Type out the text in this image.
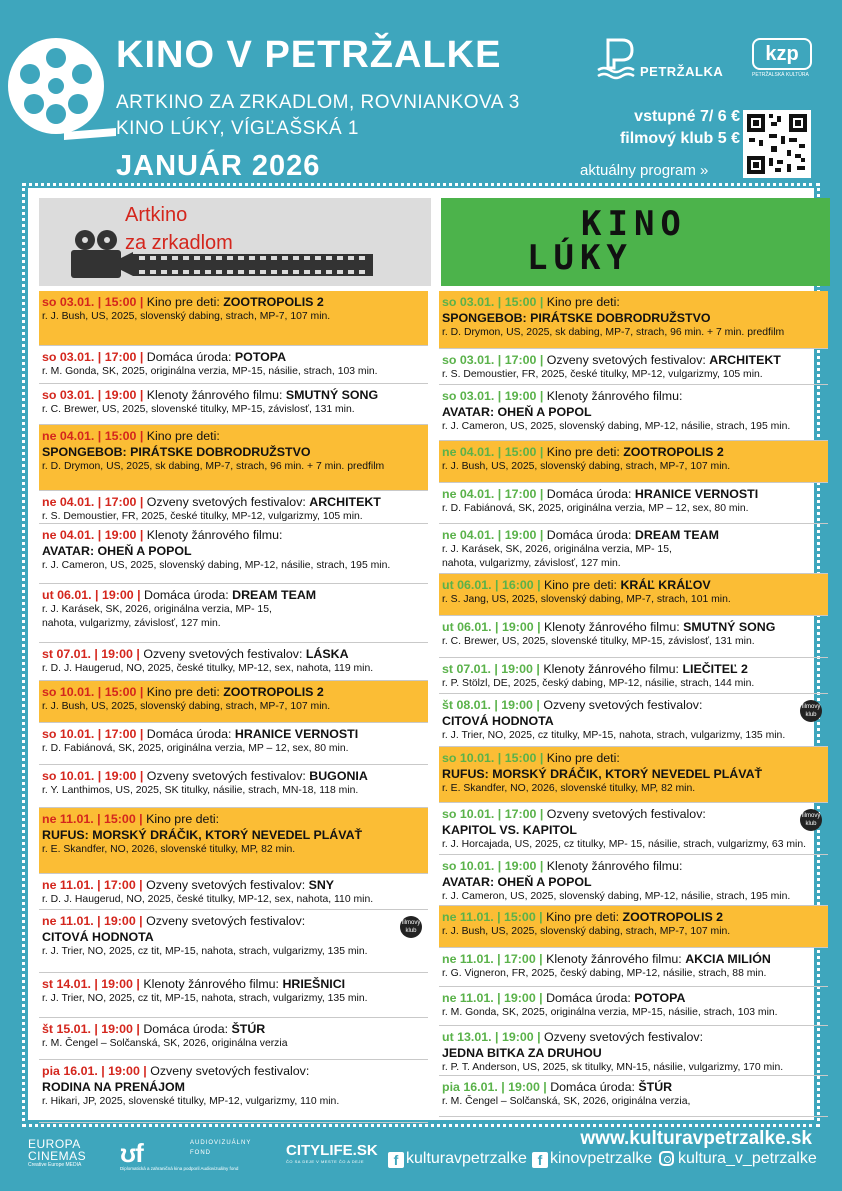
KINO V PETRŽALKE
ARTKINO ZA ZRKADLOM, ROVNIANKOVA 3
KINO LÚKY, VÍGĽAŠSKÁ 1
JANUÁR 2026
PETRŽALKA
kzp
PETRŽALSKÁ KULTÚRA
vstupné 7/ 6 €
filmový klub 5 €
aktuálny program »
Artkino
za zrkadlom
so 03.01. | 15:00 | Kino pre deti: ZOOTROPOLIS 2
r. J. Bush, US, 2025, slovenský dabing, strach, MP-7, 107 min.
so 03.01. | 17:00 | Domáca úroda: POTOPA
r. M. Gonda, SK, 2025, originálna verzia, MP-15, násilie, strach, 103 min.
so 03.01. | 19:00 | Klenoty žánrového filmu: SMUTNÝ SONG
r. C. Brewer, US, 2025, slovenské titulky, MP-15, závislosť, 131 min.
ne 04.01. | 15:00 | Kino pre deti:
SPONGEBOB: PIRÁTSKE DOBRODRUŽSTVO
r. D. Drymon, US, 2025, sk dabing, MP-7, strach, 96 min. + 7 min. predfilm
ne 04.01. | 17:00 | Ozveny svetových festivalov: ARCHITEKT
r. S. Demoustier, FR, 2025, české titulky, MP-12, vulgarizmy, 105 min.
ne 04.01. | 19:00 | Klenoty žánrového filmu:
AVATAR: OHEŇ A POPOL
r. J. Cameron, US, 2025, slovenský dabing, MP-12, násilie, strach, 195 min.
ut 06.01. | 19:00 | Domáca úroda: DREAM TEAM
r. J. Karásek, SK, 2026, originálna verzia, MP- 15,
nahota, vulgarizmy, závislosť, 127 min.
st 07.01. | 19:00 | Ozveny svetových festivalov: LÁSKA
r. D. J. Haugerud, NO, 2025, české titulky, MP-12, sex, nahota, 119 min.
so 10.01. | 15:00 | Kino pre deti: ZOOTROPOLIS 2
r. J. Bush, US, 2025, slovenský dabing, strach, MP-7, 107 min.
so 10.01. | 17:00 | Domáca úroda: HRANICE VERNOSTI
r. D. Fabiánová, SK, 2025, originálna verzia, MP – 12, sex, 80 min.
so 10.01. | 19:00 | Ozveny svetových festivalov: BUGONIA
r. Y. Lanthimos, US, 2025, SK titulky, násilie, strach, MN-18, 118 min.
ne 11.01. | 15:00 | Kino pre deti:
RUFUS: MORSKÝ DRÁČIK, KTORÝ NEVEDEL PLÁVAŤ
r. E. Skandfer, NO, 2026, slovenské titulky, MP, 82 min.
ne 11.01. | 17:00 | Ozveny svetových festivalov: SNY
r. D. J. Haugerud, NO, 2025, české titulky, MP-12, sex, nahota, 110 min.
ne 11.01. | 19:00 | Ozveny svetových festivalov:
CITOVÁ HODNOTA
r. J. Trier, NO, 2025, cz tit, MP-15, nahota, strach, vulgarizmy, 135 min.
filmový klub
st 14.01. | 19:00 | Klenoty žánrového filmu: HRIEŠNICI
r. J. Trier, NO, 2025, cz tit, MP-15, nahota, strach, vulgarizmy, 135 min.
št 15.01. | 19:00 | Domáca úroda: ŠTÚR
r. M. Čengel – Solčanská, SK, 2026, originálna verzia
pia 16.01. | 19:00 | Ozveny svetových festivalov:
RODINA NA PRENÁJOM
r. Hikari, JP, 2025, slovenské titulky, MP-12, vulgarizmy, 110 min.
KINO
LÚKY
so 03.01. | 15:00 | Kino pre deti:
SPONGEBOB: PIRÁTSKE DOBRODRUŽSTVO
r. D. Drymon, US, 2025, sk dabing, MP-7, strach, 96 min. + 7 min. predfilm
so 03.01. | 17:00 | Ozveny svetových festivalov: ARCHITEKT
r. S. Demoustier, FR, 2025, české titulky, MP-12, vulgarizmy, 105 min.
so 03.01. | 19:00 | Klenoty žánrového filmu:
AVATAR: OHEŇ A POPOL
r. J. Cameron, US, 2025, slovenský dabing, MP-12, násilie, strach, 195 min.
ne 04.01. | 15:00 | Kino pre deti: ZOOTROPOLIS 2
r. J. Bush, US, 2025, slovenský dabing, strach, MP-7, 107 min.
ne 04.01. | 17:00 | Domáca úroda: HRANICE VERNOSTI
r. D. Fabiánová, SK, 2025, originálna verzia, MP – 12, sex, 80 min.
ne 04.01. | 19:00 | Domáca úroda: DREAM TEAM
r. J. Karásek, SK, 2026, originálna verzia, MP- 15,
nahota, vulgarizmy, závislosť, 127 min.
ut 06.01. | 16:00 | Kino pre deti: KRÁĽ KRÁĽOV
r. S. Jang, US, 2025, slovenský dabing, MP-7, strach, 101 min.
ut 06.01. | 19:00 | Klenoty žánrového filmu: SMUTNÝ SONG
r. C. Brewer, US, 2025, slovenské titulky, MP-15, závislosť, 131 min.
st 07.01. | 19:00 | Klenoty žánrového filmu: LIEČITEĽ 2
r. P. Stölzl, DE, 2025, český dabing, MP-12, násilie, strach, 144 min.
št 08.01. | 19:00 | Ozveny svetových festivalov:
CITOVÁ HODNOTA
r. J. Trier, NO, 2025, cz titulky, MP-15, nahota, strach, vulgarizmy, 135 min.
filmový klub
so 10.01. | 15:00 | Kino pre deti:
RUFUS: MORSKÝ DRÁČIK, KTORÝ NEVEDEL PLÁVAŤ
r. E. Skandfer, NO, 2026, slovenské titulky, MP, 82 min.
so 10.01. | 17:00 | Ozveny svetových festivalov:
KAPITOL VS. KAPITOL
r. J. Horcajada, US, 2025, cz titulky, MP- 15, násilie, strach, vulgarizmy, 63 min.
filmový klub
so 10.01. | 19:00 | Klenoty žánrového filmu:
AVATAR: OHEŇ A POPOL
r. J. Cameron, US, 2025, slovenský dabing, MP-12, násilie, strach, 195 min.
ne 11.01. | 15:00 | Kino pre deti: ZOOTROPOLIS 2
r. J. Bush, US, 2025, slovenský dabing, strach, MP-7, 107 min.
ne 11.01. | 17:00 | Klenoty žánrového filmu: AKCIA MILIÓN
r. G. Vigneron, FR, 2025, český dabing, MP-12, násilie, strach, 88 min.
ne 11.01. | 19:00 | Domáca úroda: POTOPA
r. M. Gonda, SK, 2025, originálna verzia, MP-15, násilie, strach, 103 min.
ut 13.01. | 19:00 | Ozveny svetových festivalov:
JEDNA BITKA ZA DRUHOU
r. P. T. Anderson, US, 2025, sk titulky, MN-15, násilie, vulgarizmy, 170 min.
pia 16.01. | 19:00 | Domáca úroda: ŠTÚR
r. M. Čengel – Solčanská, SK, 2026, originálna verzia,
www.kulturavpetrzalke.sk
f kulturavpetrzalke f kinovpetrzalke	kultura_v_petrzalke
EUROPA
CINEMAS
Creative Europe MEDIA	ʊf	AUDIOVIZUÁLNY
FOND
Diplomatická a zahraničná kina podporil Audiovizuálny fond
CITYLIFE.SK
ČO SA DEJE V MESTE ČO A DEJE
